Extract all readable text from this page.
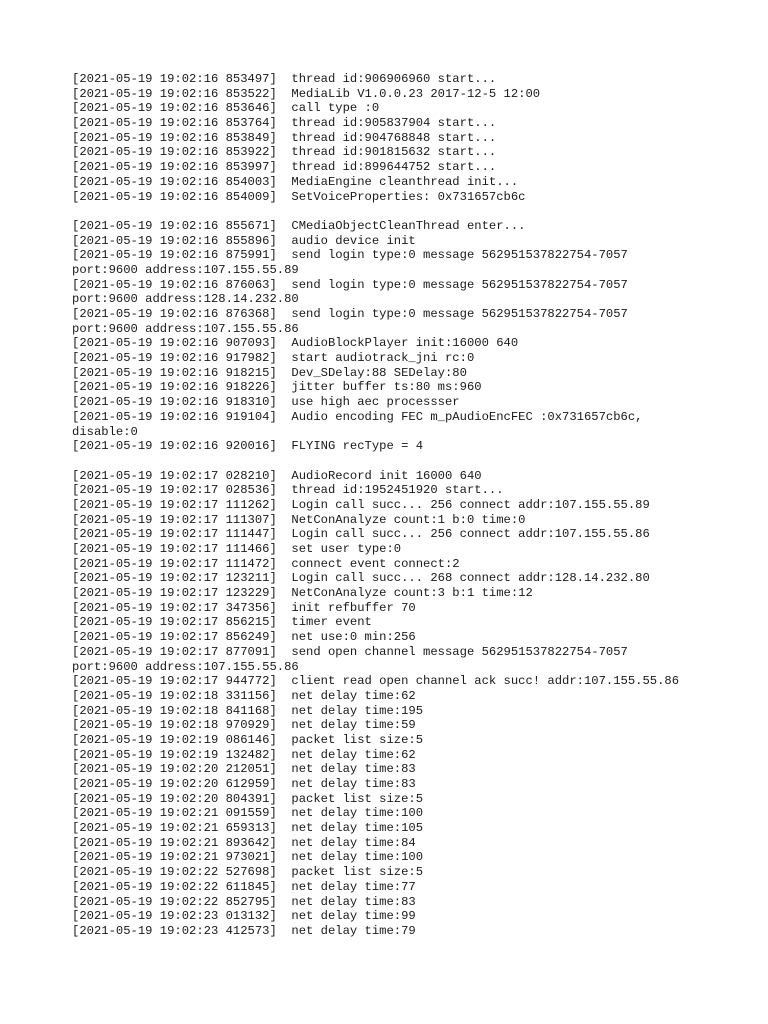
[2021-05-19 19:02:16 853497]  thread id:906906960 start...
[2021-05-19 19:02:16 853522]  MediaLib V1.0.0.23 2017-12-5 12:00
[2021-05-19 19:02:16 853646]  call type :0
[2021-05-19 19:02:16 853764]  thread id:905837904 start...
[2021-05-19 19:02:16 853849]  thread id:904768848 start...
[2021-05-19 19:02:16 853922]  thread id:901815632 start...
[2021-05-19 19:02:16 853997]  thread id:899644752 start...
[2021-05-19 19:02:16 854003]  MediaEngine cleanthread init...
[2021-05-19 19:02:16 854009]  SetVoiceProperties: 0x731657cb6c
[2021-05-19 19:02:16 855671]  CMediaObjectCleanThread enter...
[2021-05-19 19:02:16 855896]  audio device init
[2021-05-19 19:02:16 875991]  send login type:0 message 562951537822754-7057
port:9600 address:107.155.55.89
[2021-05-19 19:02:16 876063]  send login type:0 message 562951537822754-7057
port:9600 address:128.14.232.80
[2021-05-19 19:02:16 876368]  send login type:0 message 562951537822754-7057
port:9600 address:107.155.55.86
[2021-05-19 19:02:16 907093]  AudioBlockPlayer init:16000 640
[2021-05-19 19:02:16 917982]  start audiotrack_jni rc:0
[2021-05-19 19:02:16 918215]  Dev_SDelay:88 SEDelay:80
[2021-05-19 19:02:16 918226]  jitter buffer ts:80 ms:960
[2021-05-19 19:02:16 918310]  use high aec processser
[2021-05-19 19:02:16 919104]  Audio encoding FEC m_pAudioEncFEC :0x731657cb6c,
disable:0
[2021-05-19 19:02:16 920016]  FLYING recType = 4
[2021-05-19 19:02:17 028210]  AudioRecord init 16000 640
[2021-05-19 19:02:17 028536]  thread id:1952451920 start...
[2021-05-19 19:02:17 111262]  Login call succ... 256 connect addr:107.155.55.89
[2021-05-19 19:02:17 111307]  NetConAnalyze count:1 b:0 time:0
[2021-05-19 19:02:17 111447]  Login call succ... 256 connect addr:107.155.55.86
[2021-05-19 19:02:17 111466]  set user type:0
[2021-05-19 19:02:17 111472]  connect event connect:2
[2021-05-19 19:02:17 123211]  Login call succ... 268 connect addr:128.14.232.80
[2021-05-19 19:02:17 123229]  NetConAnalyze count:3 b:1 time:12
[2021-05-19 19:02:17 347356]  init refbuffer 70
[2021-05-19 19:02:17 856215]  timer event
[2021-05-19 19:02:17 856249]  net use:0 min:256
[2021-05-19 19:02:17 877091]  send open channel message 562951537822754-7057
port:9600 address:107.155.55.86
[2021-05-19 19:02:17 944772]  client read open channel ack succ! addr:107.155.55.86
[2021-05-19 19:02:18 331156]  net delay time:62
[2021-05-19 19:02:18 841168]  net delay time:195
[2021-05-19 19:02:18 970929]  net delay time:59
[2021-05-19 19:02:19 086146]  packet list size:5
[2021-05-19 19:02:19 132482]  net delay time:62
[2021-05-19 19:02:20 212051]  net delay time:83
[2021-05-19 19:02:20 612959]  net delay time:83
[2021-05-19 19:02:20 804391]  packet list size:5
[2021-05-19 19:02:21 091559]  net delay time:100
[2021-05-19 19:02:21 659313]  net delay time:105
[2021-05-19 19:02:21 893642]  net delay time:84
[2021-05-19 19:02:21 973021]  net delay time:100
[2021-05-19 19:02:22 527698]  packet list size:5
[2021-05-19 19:02:22 611845]  net delay time:77
[2021-05-19 19:02:22 852795]  net delay time:83
[2021-05-19 19:02:23 013132]  net delay time:99
[2021-05-19 19:02:23 412573]  net delay time:79
